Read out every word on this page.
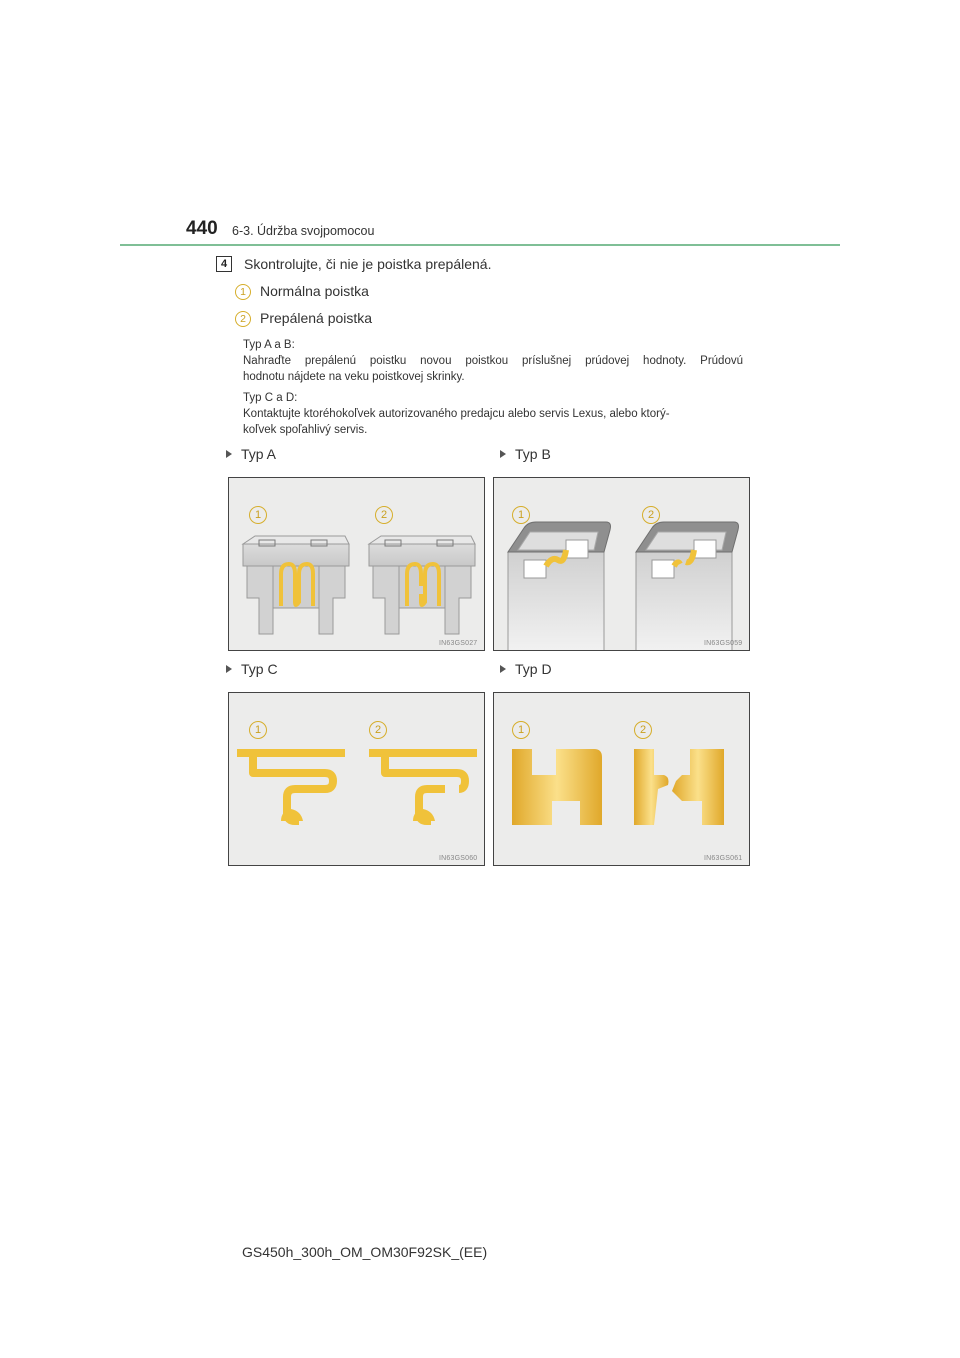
440 6-3. Údržba svojpomocou
4	Skontrolujte, či nie je poistka prepálená.
1	Normálna poistka
2	Prepálená poistka
Typ A a B:
Nahraďte prepálenú poistku novou poistkou príslušnej prúdovej hodnoty. Prúdovú
hodnotu nájdete na veku poistkovej skrinky.
Typ C a D:
Kontaktujte ktoréhokoľvek autorizovaného predajcu alebo servis Lexus, alebo ktorý-
koľvek spoľahlivý servis.
Typ A	Typ B
Typ C	Typ D
1	2
IN63GS027
1	2
IN63GS059
1	2
IN63GS060
1	2
IN63GS061
GS450h_300h_OM_OM30F92SK_(EE)
